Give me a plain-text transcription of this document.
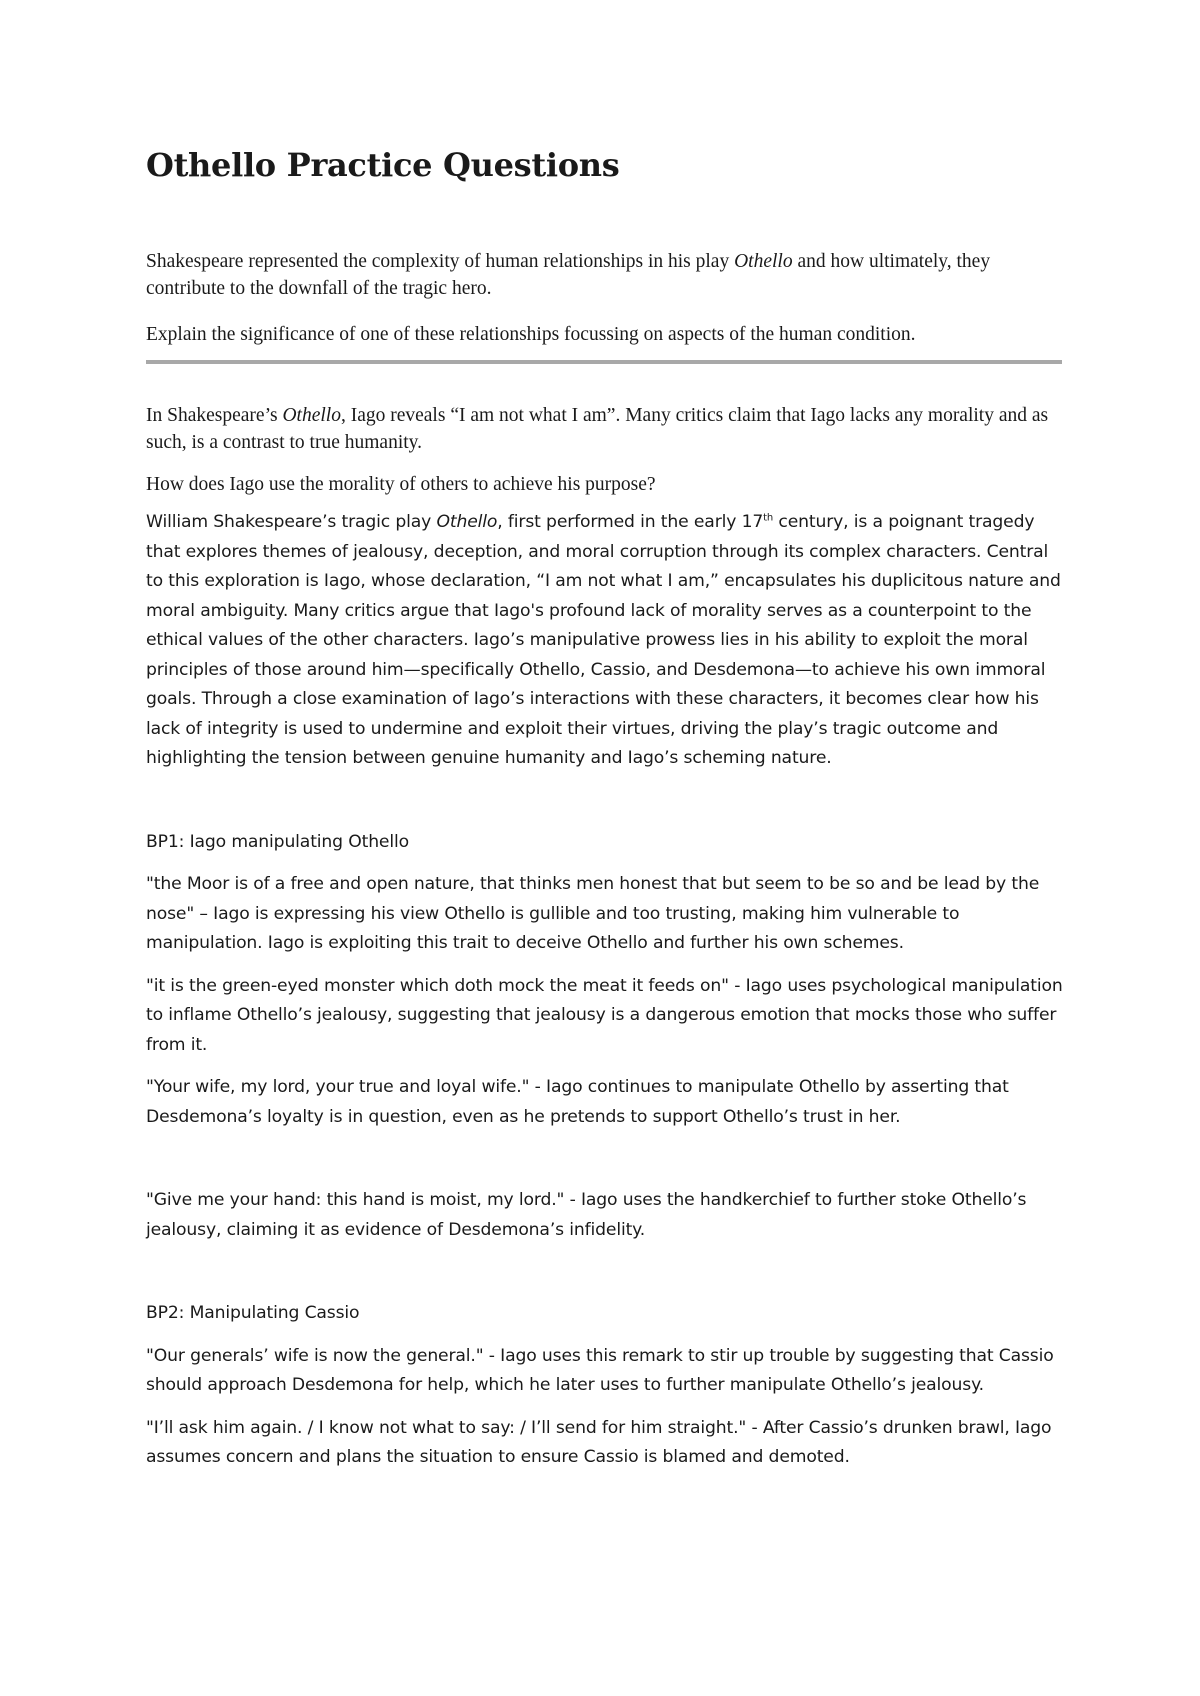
Othello Practice Questions

Shakespeare represented the complexity of human relationships in his play Othello and how ultimately, they contribute to the downfall of the tragic hero.

Explain the significance of one of these relationships focussing on aspects of the human condition.

In Shakespeare’s Othello, Iago reveals “I am not what I am”. Many critics claim that Iago lacks any morality and as such, is a contrast to true humanity.

How does Iago use the morality of others to achieve his purpose?

William Shakespeare’s tragic play Othello, first performed in the early 17th century, is a poignant tragedy that explores themes of jealousy, deception, and moral corruption through its complex characters. Central to this exploration is Iago, whose declaration, “I am not what I am,” encapsulates his duplicitous nature and moral ambiguity. Many critics argue that Iago's profound lack of morality serves as a counterpoint to the ethical values of the other characters. Iago’s manipulative prowess lies in his ability to exploit the moral principles of those around him—specifically Othello, Cassio, and Desdemona—to achieve his own immoral goals. Through a close examination of Iago’s interactions with these characters, it becomes clear how his lack of integrity is used to undermine and exploit their virtues, driving the play’s tragic outcome and highlighting the tension between genuine humanity and Iago’s scheming nature.

BP1: Iago manipulating Othello

"the Moor is of a free and open nature, that thinks men honest that but seem to be so and be lead by the nose" – Iago is expressing his view Othello is gullible and too trusting, making him vulnerable to manipulation. Iago is exploiting this trait to deceive Othello and further his own schemes.

"it is the green-eyed monster which doth mock the meat it feeds on" - Iago uses psychological manipulation to inflame Othello’s jealousy, suggesting that jealousy is a dangerous emotion that mocks those who suffer from it.

"Your wife, my lord, your true and loyal wife." - Iago continues to manipulate Othello by asserting that Desdemona’s loyalty is in question, even as he pretends to support Othello’s trust in her.

"Give me your hand: this hand is moist, my lord." - Iago uses the handkerchief to further stoke Othello’s jealousy, claiming it as evidence of Desdemona’s infidelity.

BP2: Manipulating Cassio

"Our generals’ wife is now the general." - Iago uses this remark to stir up trouble by suggesting that Cassio should approach Desdemona for help, which he later uses to further manipulate Othello’s jealousy.

"I’ll ask him again. / I know not what to say: / I’ll send for him straight." - After Cassio’s drunken brawl, Iago assumes concern and plans the situation to ensure Cassio is blamed and demoted.
